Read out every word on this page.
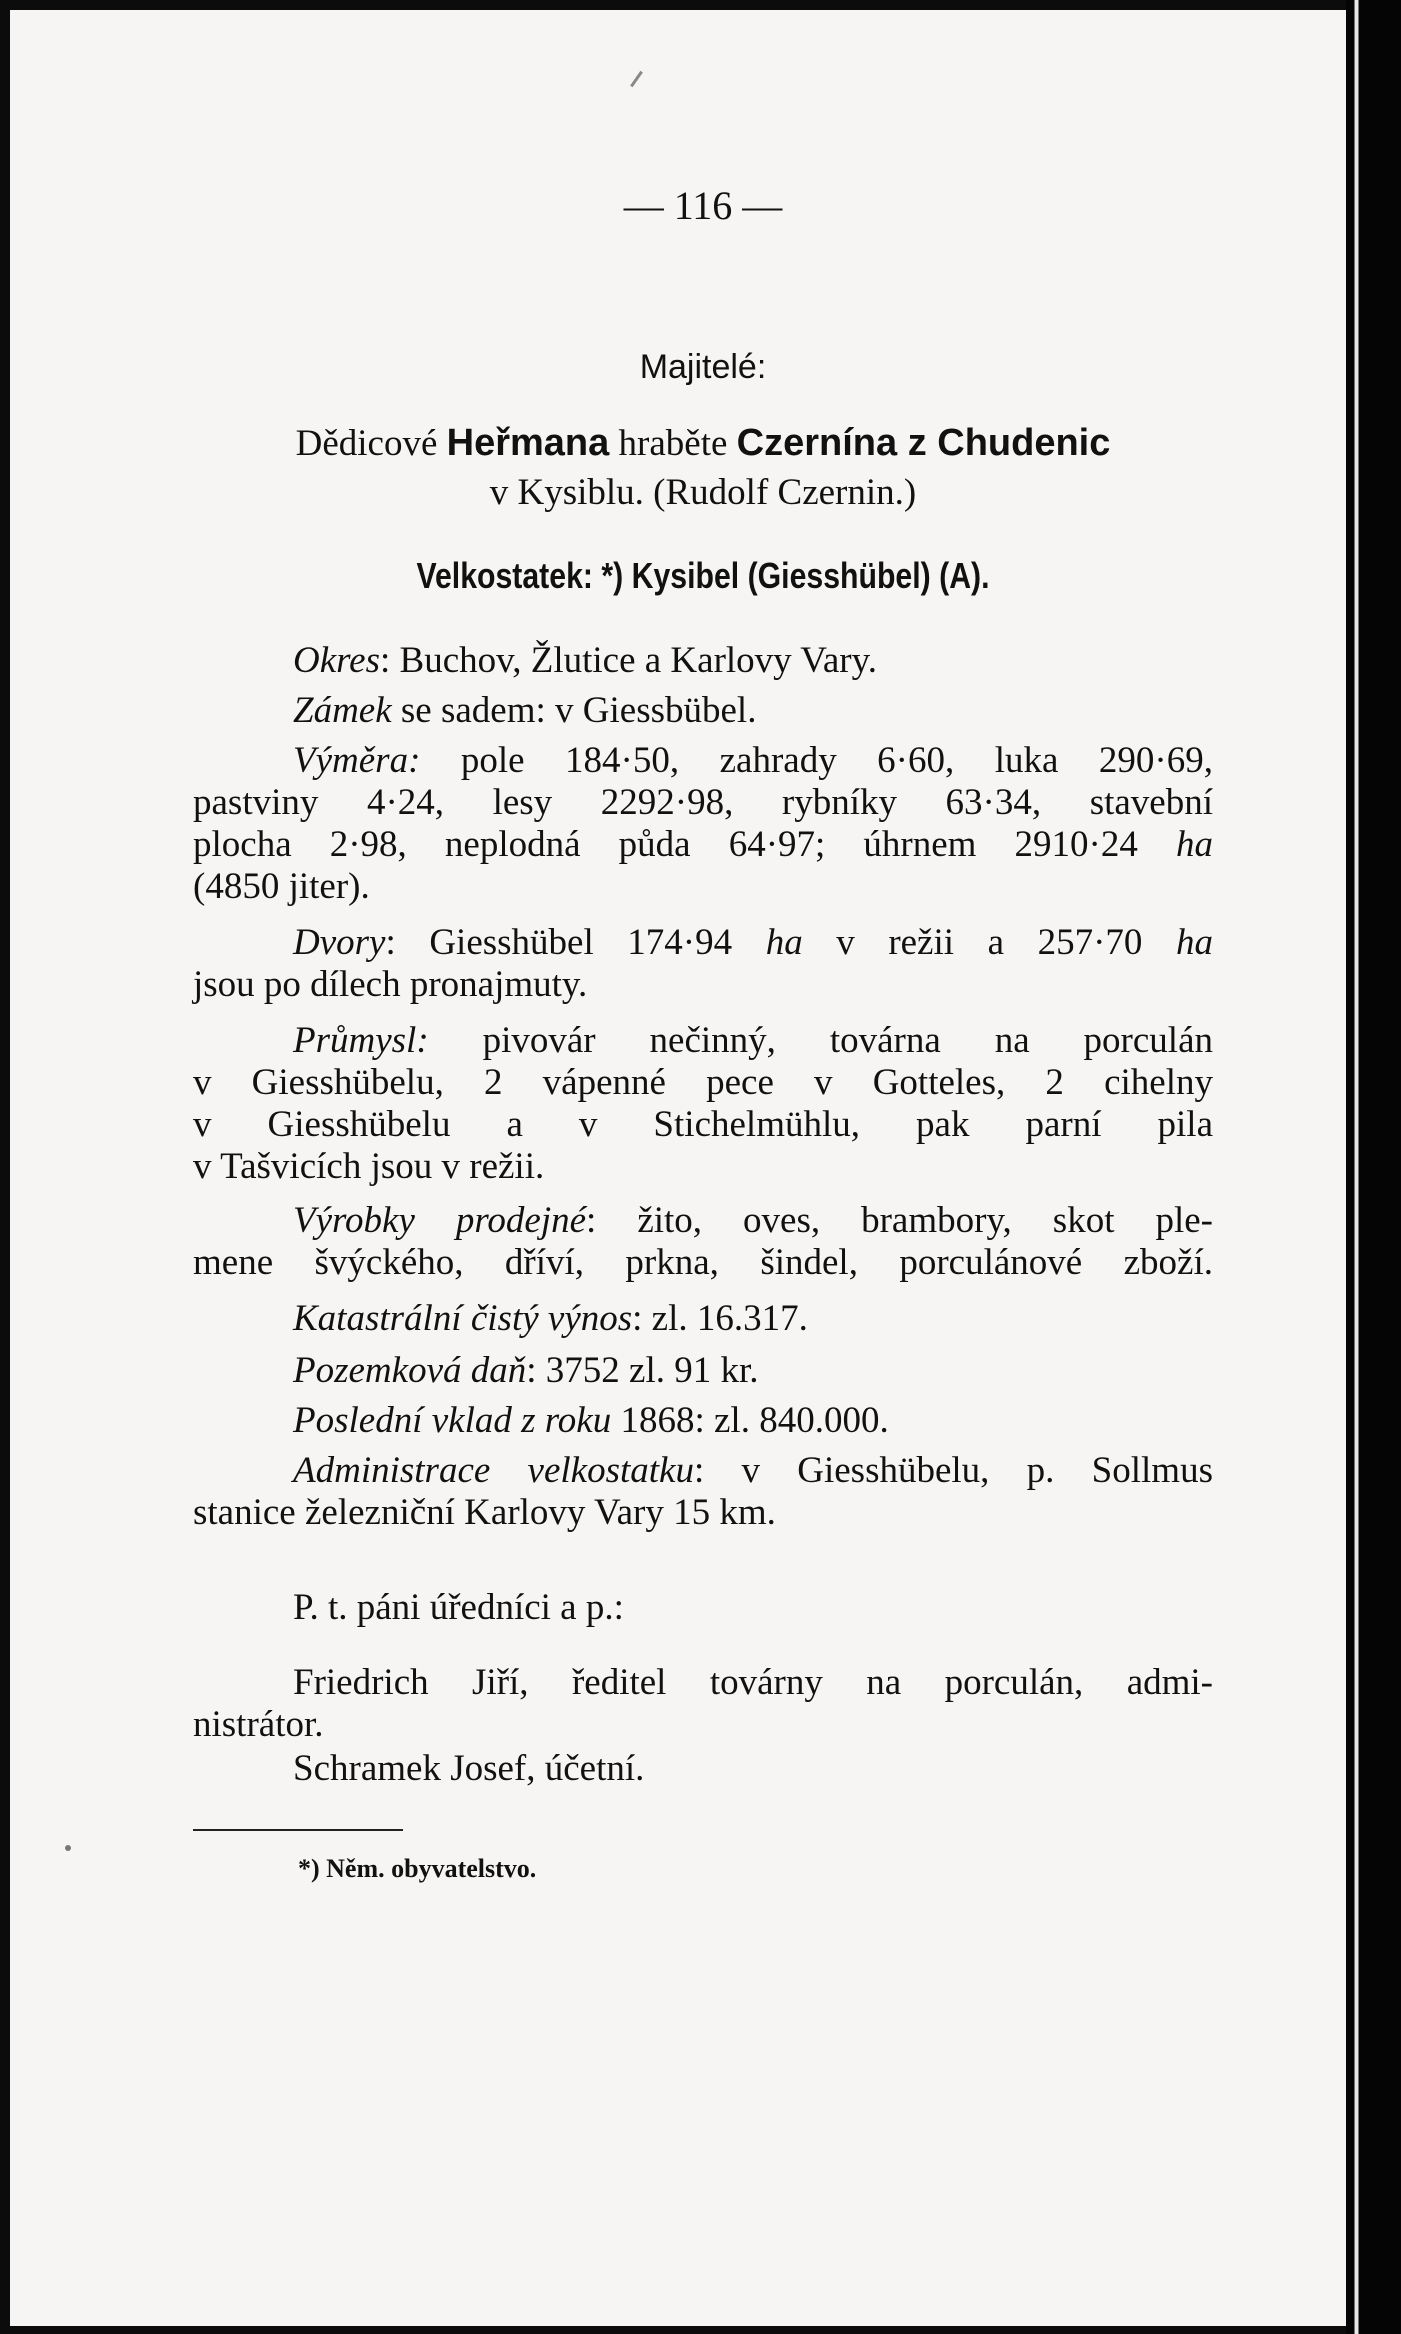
— 116 —

Majitelé:

Dědicové Heřmana hraběte Czernína z Chudenic

v Kysiblu. (Rudolf Czernin.)

Velkostatek: *) Kysibel (Giesshübel) (A).

Okres: Buchov, Žlutice a Karlovy Vary.

Zámek se sadem: v Giessbübel.

Výměra: pole 184·50, zahrady 6·60, luka 290·69,

pastviny 4·24, lesy 2292·98, rybníky 63·34, stavební

plocha 2·98, neplodná půda 64·97; úhrnem 2910·24 ha

(4850 jiter).

Dvory: Giesshübel 174·94 ha v režii a 257·70 ha

jsou po dílech pronajmuty.

Průmysl: pivovár nečinný, továrna na porculán

v Giesshübelu, 2 vápenné pece v Gotteles, 2 cihelny

v Giesshübelu a v Stichelmühlu, pak parní pila

v Tašvicích jsou v režii.

Výrobky prodejné: žito, oves, brambory, skot ple-

mene švýckého, dříví, prkna, šindel, porculánové zboží.

Katastrální čistý výnos: zl. 16.317.

Pozemková daň: 3752 zl. 91 kr.

Poslední vklad z roku 1868: zl. 840.000.

Administrace velkostatku: v Giesshübelu, p. Sollmus

stanice železniční Karlovy Vary 15 km.

P. t. páni úředníci a p.:

Friedrich Jiří, ředitel továrny na porculán, admi-

nistrátor.

Schramek Josef, účetní.

*) Něm. obyvatelstvo.
